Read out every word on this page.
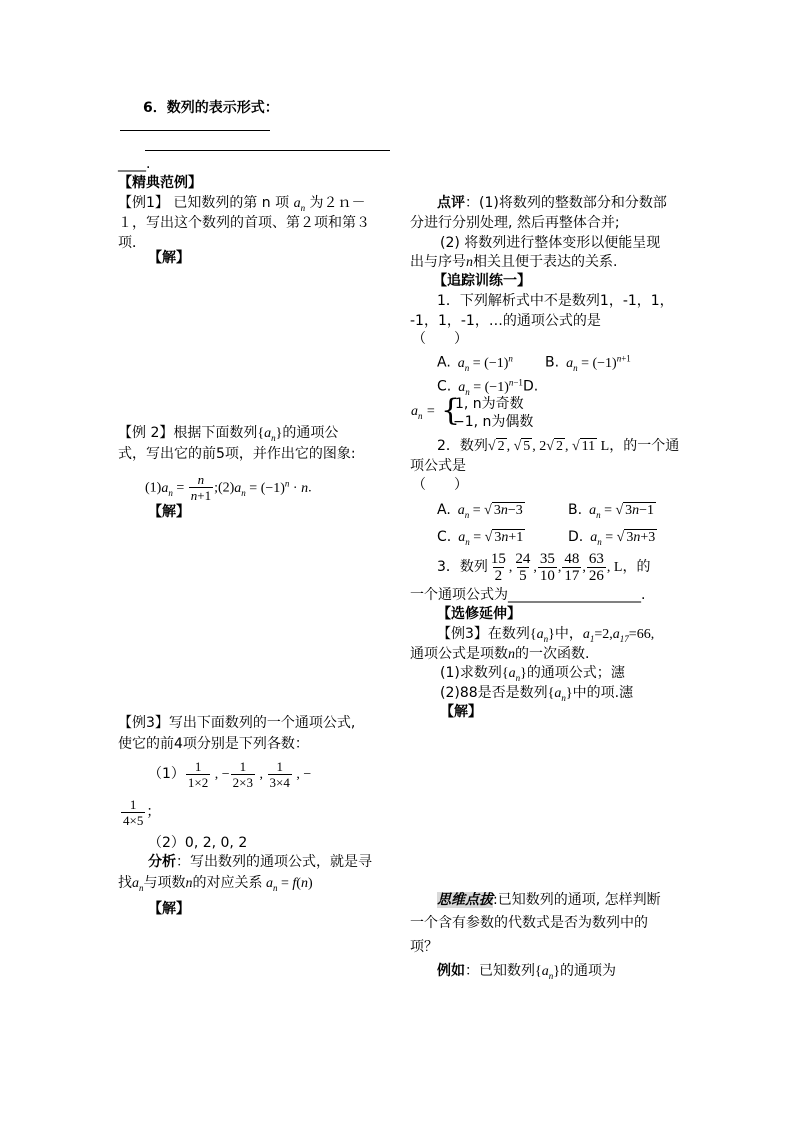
6．数列的表示形式：
____.
【精典范例】
【例1】 已知数列的第 n 项 $a_n$ 为２ｎ－
１，写出这个数列的首项、第２项和第３
项．
【解】
【例 2】根据下面数列$\{a_n\}$的通项公
式，写出它的前5项，并作出它的图象:
$(1)a_n = \frac{n}{n+1}$ $;(2)a_n = (-1)^n \cdot n$.
【解】
【例3】写出下面数列的一个通项公式,
使它的前4项分别是下列各数：
$(1) \frac{1}{1\times 2}$ , − $\frac{1}{2\times 3}$ , $\frac{1}{3\times 4}$ , −
$\frac{1}{4\times 5}$ ；
（2）0, 2, 0, 2
分析：写出数列的通项公式，就是寻
找$a_n$与项数n的对应关系 $a_n = f(n)$
【解】
点评：(1)将数列的整数部分和分数部
分进行分别处理, 然后再整体合并;
(2) 将数列进行整体变形以便能呈现
出与序号n相关且便于表达的关系.
【追踪训练一】
1．下列解析式中不是数列1，-1，1，
-1，1，-1，…的通项公式的是
（　　）
A. $a_n = (-1)^n$ B. $a_n = (-1)^{n+1}$
C. $a_n = (-1)^{n-1}D$.
$a_n$ = {
1, n为奇数
−1, n为偶数
2．数列√ 2 , √ 5 , 2√ 2 , √ 11 L，的一个通
项公式是
（　　）
A. $a_n$ = √ 3n−3	B. $a_n$ = √ 3n−1
C. $a_n$ = √ 3n+1	D. $a_n$ = √ 3n+3
3．数列 $\frac{15}{2}$ , $\frac{24}{5}$ , $\frac{35}{10}$ , $\frac{48}{17}$ , $\frac{63}{26}$ , L，的
一个通项公式为___________________.
【选修延伸】
【例3】在数列$\{a_n\}$中，$a_1=2,a_{17}=66$,
通项公式是项数n的一次函数.
(1)求数列$\{a_n\}$的通项公式；瀗
(2)88是否是数列$\{a_n\}$中的项.瀗
【解】
思维点拔:已知数列的通项, 怎样判断
一个含有参数的代数式是否为数列中的
项？
例如：已知数列$\{a_n\}$的通项为
